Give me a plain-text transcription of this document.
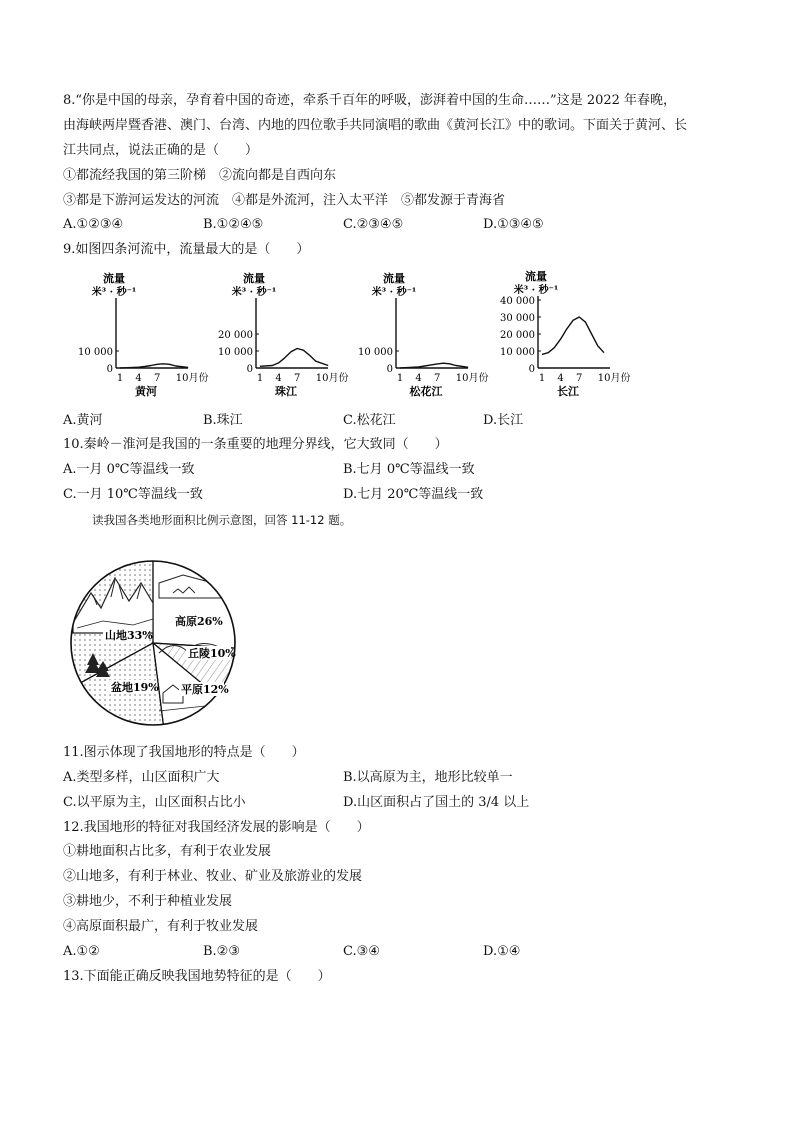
8.“你是中国的母亲，孕育着中国的奇迹，牵系千百年的呼吸，澎湃着中国的生命……”这是 2022 年春晚，
由海峡两岸暨香港、澳门、台湾、内地的四位歌手共同演唱的歌曲《黄河长江》中的歌词。下面关于黄河、长
江共同点，说法正确的是（　　）
①都流经我国的第三阶梯　②流向都是自西向东
③都是下游河运发达的河流　④都是外流河，注入太平洋　⑤都发源于青海省
A.①②③④	B.①②④⑤	C.②③④⑤	D.①③④⑤
9.如图四条河流中，流量最大的是（　　）
流量
米³ · 秒⁻¹
10 000
0
1 4 7 10月份
黄河
流量
米³ · 秒⁻¹
10 000
20 000
0
1 4 7 10月份
珠江
流量
米³ · 秒⁻¹
10 000
0
1 4 7 10月份
松花江
流量
米³ · 秒⁻¹
10 000
20 000
30 000
40 000
0
1 4 7 10月份
长江
A.黄河	B.珠江	C.松花江	D.长江
10.秦岭－淮河是我国的一条重要的地理分界线，它大致同（　　）
A.一月 0℃等温线一致	B.七月 0℃等温线一致
C.一月 10℃等温线一致	D.七月 20℃等温线一致
读我国各类地形面积比例示意图，回答 11-12 题。
山地33%
高原26%
丘陵10%
平原12%
盆地19%
11.图示体现了我国地形的特点是（　　）
A.类型多样，山区面积广大	B.以高原为主，地形比较单一
C.以平原为主，山区面积占比小	D.山区面积占了国土的 3/4 以上
12.我国地形的特征对我国经济发展的影响是（　　）
①耕地面积占比多，有利于农业发展
②山地多，有利于林业、牧业、矿业及旅游业的发展
③耕地少，不利于种植业发展
④高原面积最广，有利于牧业发展
A.①②	B.②③	C.③④	D.①④
13.下面能正确反映我国地势特征的是（　　）
